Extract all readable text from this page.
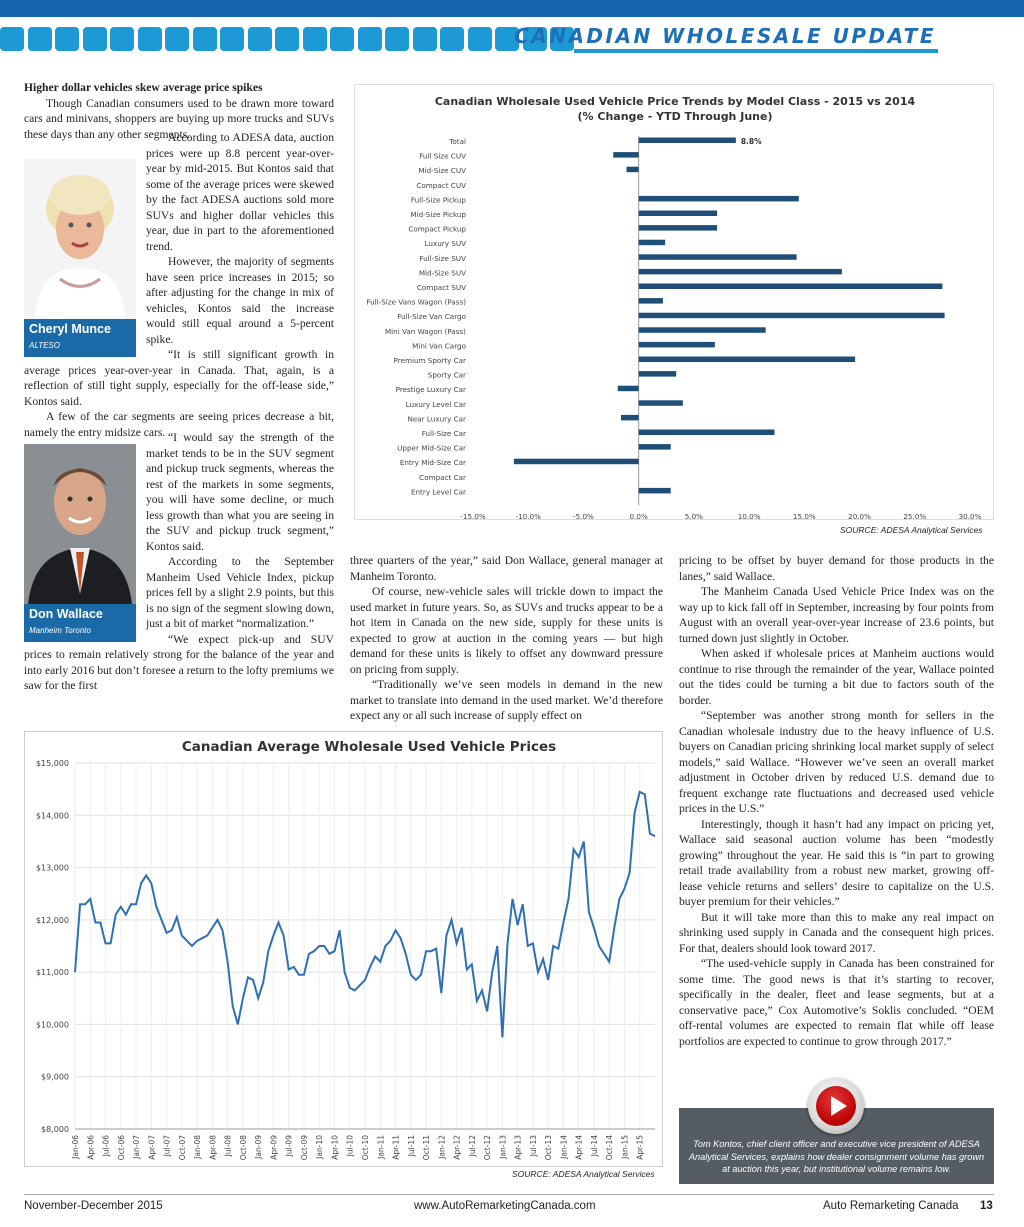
CANADIAN WHOLESALE UPDATE

Higher dollar vehicles skew average price spikes

Though Canadian consumers used to be drawn more toward cars and minivans, shoppers are buying up more trucks and SUVs these days than any other segments.

Cheryl Munce
ALTESO

According to ADESA data, auction prices were up 8.8 percent year-over-year by mid-2015. But Kontos said that some of the average prices were skewed by the fact ADESA auctions sold more SUVs and higher dollar vehicles this year, due in part to the aforementioned trend.

However, the majority of segments have seen price increases in 2015; so after adjusting for the change in mix of vehicles, Kontos said the increase would still equal around a 5-percent spike.

“It is still significant growth in average prices year-over-year in Canada. That, again, is a reflection of still tight supply, especially for the off-lease side,” Kontos said.

A few of the car segments are seeing prices decrease a bit, namely the entry midsize cars.

Don Wallace
Manheim Toronto

“I would say the strength of the market tends to be in the SUV segment and pickup truck segments, whereas the rest of the markets in some segments, you will have some decline, or much less growth than what you are seeing in the SUV and pickup truck segment,” Kontos said.

According to the September Manheim Used Vehicle Index, pickup prices fell by a slight 2.9 points, but this is no sign of the segment slowing down, just a bit of market “normalization.”

“We expect pick-up and SUV prices to remain relatively strong for the balance of the year and into early 2016 but don’t foresee a return to the lofty premiums we saw for the first

Canadian Wholesale Used Vehicle Price Trends by Model Class - 2015 vs 2014
(% Change - YTD Through June)
Total	8.8%
Full Size CUV
Mid-Size CUV
Compact CUV
Full-Size Pickup
Mid-Size Pickup
Compact Pickup
Luxury SUV
Full-Size SUV
Mid-Size SUV
Compact SUV
Full-Size Vans Wagon (Pass)
Full-Size Van Cargo
Mini Van Wagon (Pass)
Mini Van Cargo
Premium Sporty Car
Sporty Car
Prestige Luxury Car
Luxury Level Car
Near Luxury Car
Full-Size Car
Upper Mid-Size Car
Entry Mid-Size Car
Compact Car
Entry Level Car
-15.0%	-10.0%	-5.0%	0.0%	5.0%	10.0%	15.0%	20.0%	25.0%	30.0%
SOURCE: ADESA Analytical Services

three quarters of the year,” said Don Wallace, general manager at Manheim Toronto.

Of course, new-vehicle sales will trickle down to impact the used market in future years. So, as SUVs and trucks appear to be a hot item in Canada on the new side, supply for these units is expected to grow at auction in the coming years — but high demand for these units is likely to offset any downward pressure on pricing from supply.

“Traditionally we’ve seen models in demand in the new market to translate into demand in the used market. We’d therefore expect any or all such increase of supply effect on

pricing to be offset by buyer demand for those products in the lanes,” said Wallace.

The Manheim Canada Used Vehicle Price Index was on the way up to kick fall off in September, increasing by four points from August with an overall year-over-year increase of 23.6 points, but turned down just slightly in October.

When asked if wholesale prices at Manheim auctions would continue to rise through the remainder of the year, Wallace pointed out the tides could be turning a bit due to factors south of the border.

“September was another strong month for sellers in the Canadian wholesale industry due to the heavy influence of U.S. buyers on Canadian pricing shrinking local market supply of select models,” said Wallace. “However we’ve seen an overall market adjustment in October driven by reduced U.S. demand due to frequent exchange rate fluctuations and decreased used vehicle prices in the U.S.”

Interestingly, though it hasn’t had any impact on pricing yet, Wallace said seasonal auction volume has been “modestly growing” throughout the year. He said this is “in part to growing retail trade availability from a robust new market, growing off-lease vehicle returns and sellers’ desire to capitalize on the U.S. buyer premium for their vehicles.”

But it will take more than this to make any real impact on shrinking used supply in Canada and the consequent high prices. For that, dealers should look toward 2017.

“The used-vehicle supply in Canada has been constrained for some time. The good news is that it’s starting to recover, specifically in the dealer, fleet and lease segments, but at a conservative pace,” Cox Automotive’s Soklis concluded. “OEM off-rental volumes are expected to remain flat while off lease portfolios are expected to continue to grow through 2017.”

Canadian Average Wholesale Used Vehicle Prices
$8,000
$9,000
$10,000
$11,000
$12,000
$13,000
$14,000
$15,000
Jan-06 Apr-06 Jul-06 Oct-06 Jan-07 Apr-07 Jul-07 Oct-07 Jan-08 Apr-08 Jul-08 Oct-08 Jan-09 Apr-09 Jul-09 Oct-09 Jan-10 Apr-10 Jul-10 Oct-10 Jan-11 Apr-11 Jul-11 Oct-11 Jan-12 Apr-12 Jul-12 Oct-12 Jan-13 Apr-13 Jul-13 Oct-13 Jan-14 Apr-14 Jul-14 Oct-14 Jan-15 Apr-15
SOURCE: ADESA Analytical Services
Tom Kontos, chief client officer and executive vice president of ADESA Analytical Services, explains how dealer consignment volume has grown at auction this year, but institutional volume remains low.
November-December 2015	www.AutoRemarketingCanada.com	Auto Remarketing Canada 13
